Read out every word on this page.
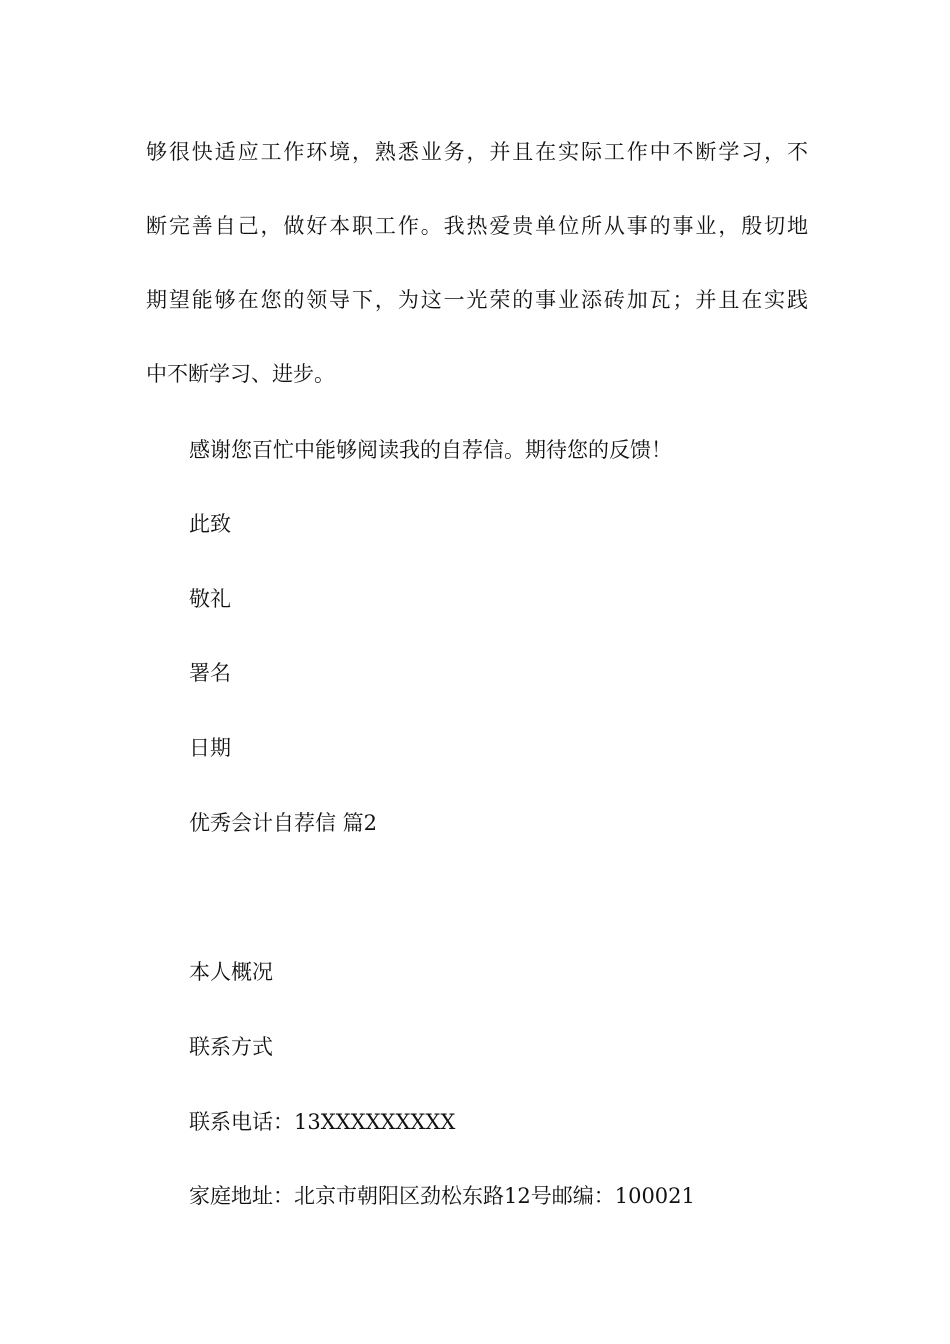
够很快适应工作环境，熟悉业务，并且在实际工作中不断学习，不
断完善自己，做好本职工作。我热爱贵单位所从事的事业，殷切地
期望能够在您的领导下，为这一光荣的事业添砖加瓦；并且在实践
中不断学习、进步。
感谢您百忙中能够阅读我的自荐信。期待您的反馈！
此致
敬礼
署名
日期
优秀会计自荐信 篇2
本人概况
联系方式
联系电话：13XXXXXXXXX
家庭地址：北京市朝阳区劲松东路12号邮编：100021
